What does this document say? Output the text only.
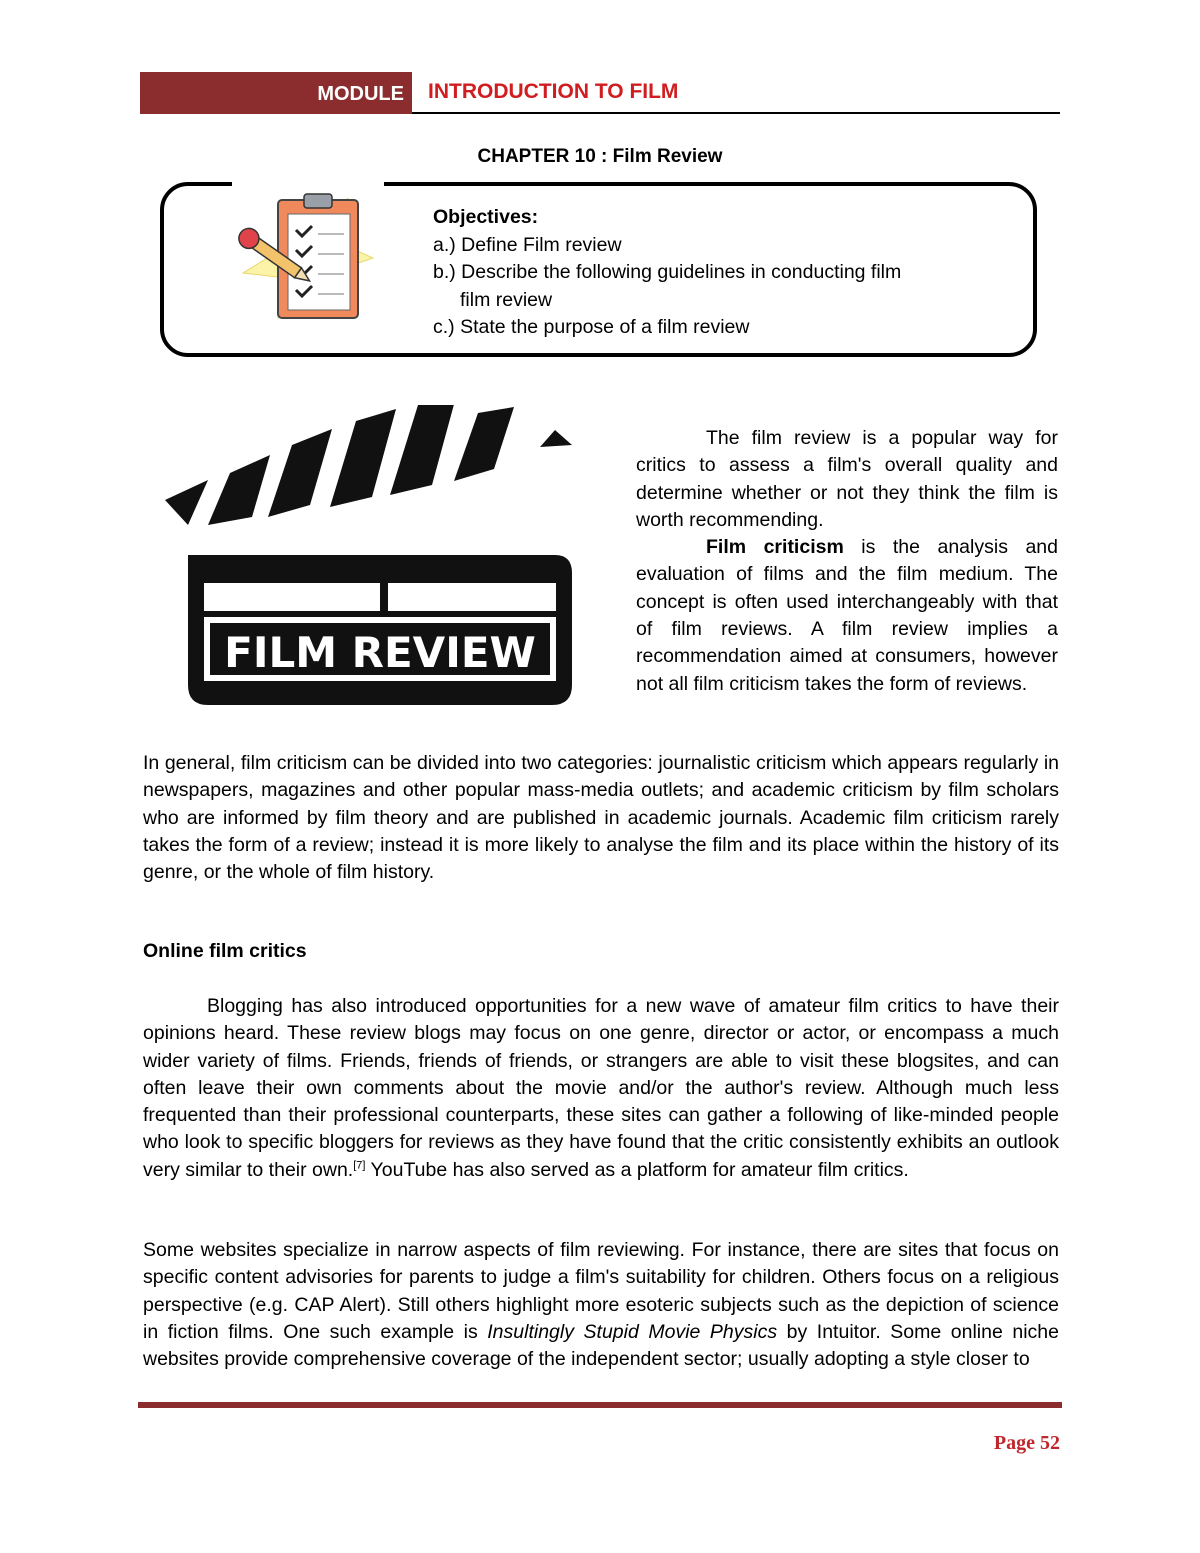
MODULE	INTRODUCTION TO FILM
CHAPTER 10 : Film Review
Objectives:
a.) Define Film review
b.) Describe the following guidelines in conducting film
film review
c.) State the purpose of a film review
FILM REVIEW

The film review is a popular way for critics to assess a film's overall quality and determine whether or not they think the film is worth recommending.

Film criticism is the analysis and evaluation of films and the film medium. The concept is often used interchangeably with that of film reviews. A film review implies a recommendation aimed at consumers, however not all film criticism takes the form of reviews.

In general, film criticism can be divided into two categories: journalistic criticism which appears regularly in newspapers, magazines and other popular mass-media outlets; and academic criticism by film scholars who are informed by film theory and are published in academic journals. Academic film criticism rarely takes the form of a review; instead it is more likely to analyse the film and its place within the history of its genre, or the whole of film history.

Online film critics

Blogging has also introduced opportunities for a new wave of amateur film critics to have their opinions heard. These review blogs may focus on one genre, director or actor, or encompass a much wider variety of films. Friends, friends of friends, or strangers are able to visit these blogsites, and can often leave their own comments about the movie and/or the author's review. Although much less frequented than their professional counterparts, these sites can gather a following of like-minded people who look to specific bloggers for reviews as they have found that the critic consistently exhibits an outlook very similar to their own.[7] YouTube has also served as a platform for amateur film critics.

Some websites specialize in narrow aspects of film reviewing. For instance, there are sites that focus on specific content advisories for parents to judge a film's suitability for children. Others focus on a religious perspective (e.g. CAP Alert). Still others highlight more esoteric subjects such as the depiction of science in fiction films. One such example is Insultingly Stupid Movie Physics by Intuitor. Some online niche websites provide comprehensive coverage of the independent sector; usually adopting a style closer to

Page 52
